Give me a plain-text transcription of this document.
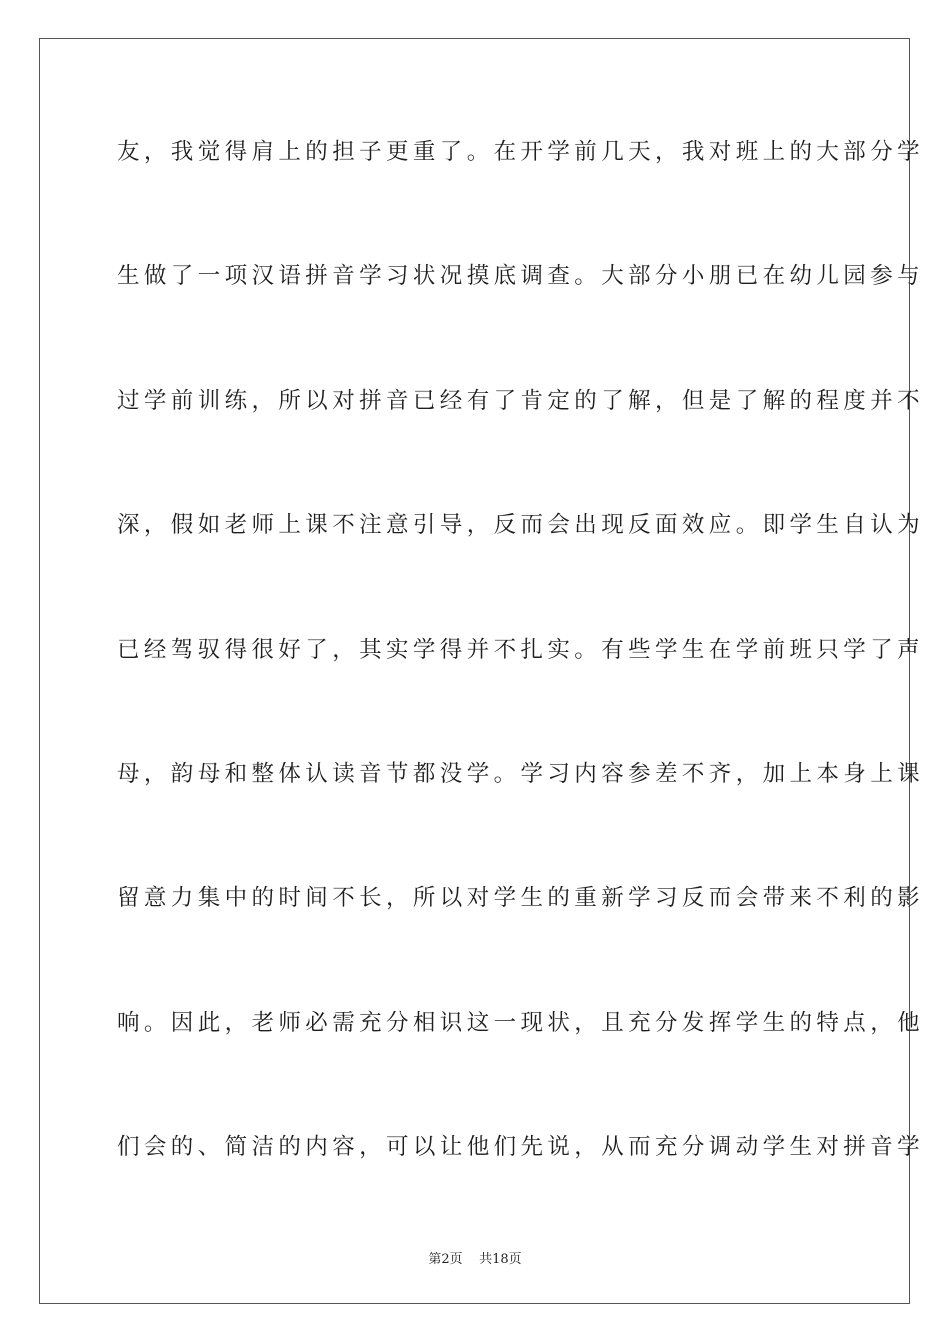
友，我觉得肩上的担子更重了。在开学前几天，我对班上的大部分学
生做了一项汉语拼音学习状况摸底调查。大部分小朋已在幼儿园参与
过学前训练，所以对拼音已经有了肯定的了解，但是了解的程度并不
深，假如老师上课不注意引导，反而会出现反面效应。即学生自认为
已经驾驭得很好了，其实学得并不扎实。有些学生在学前班只学了声
母，韵母和整体认读音节都没学。学习内容参差不齐，加上本身上课
留意力集中的时间不长，所以对学生的重新学习反而会带来不利的影
响。因此，老师必需充分相识这一现状，且充分发挥学生的特点，他
们会的、简洁的内容，可以让他们先说，从而充分调动学生对拼音学
第2页    共18页
